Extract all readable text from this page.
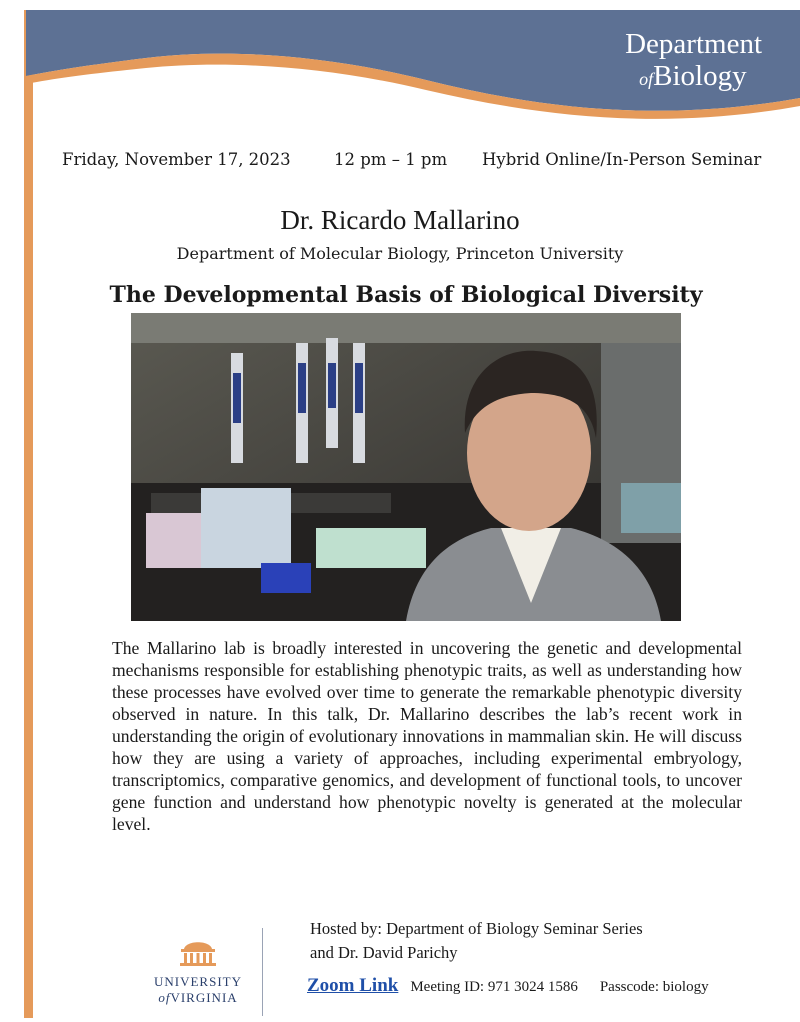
Department
ofBiology
Friday, November 17, 2023	12 pm – 1 pm Hybrid Online/In-Person Seminar
Dr. Ricardo Mallarino
Department of Molecular Biology, Princeton University
The Developmental Basis of Biological Diversity
The Mallarino lab is broadly interested in uncovering the genetic and developmental mechanisms responsible for establishing phenotypic traits, as well as understanding how these processes have evolved over time to generate the remarkable phenotypic diversity observed in nature. In this talk, Dr. Mallarino describes the lab’s recent work in understanding the origin of evolutionary innovations in mammalian skin. He will discuss how they are using a variety of approaches, including experimental embryology, transcriptomics, comparative genomics, and development of functional tools, to uncover gene function and understand how phenotypic novelty is generated at the molecular level.
UNIVERSITY
ofVIRGINIA
Hosted by: Department of Biology Seminar Series
and Dr. David Parichy
Zoom Link Meeting ID: 971 3024 1586 Passcode: biology
